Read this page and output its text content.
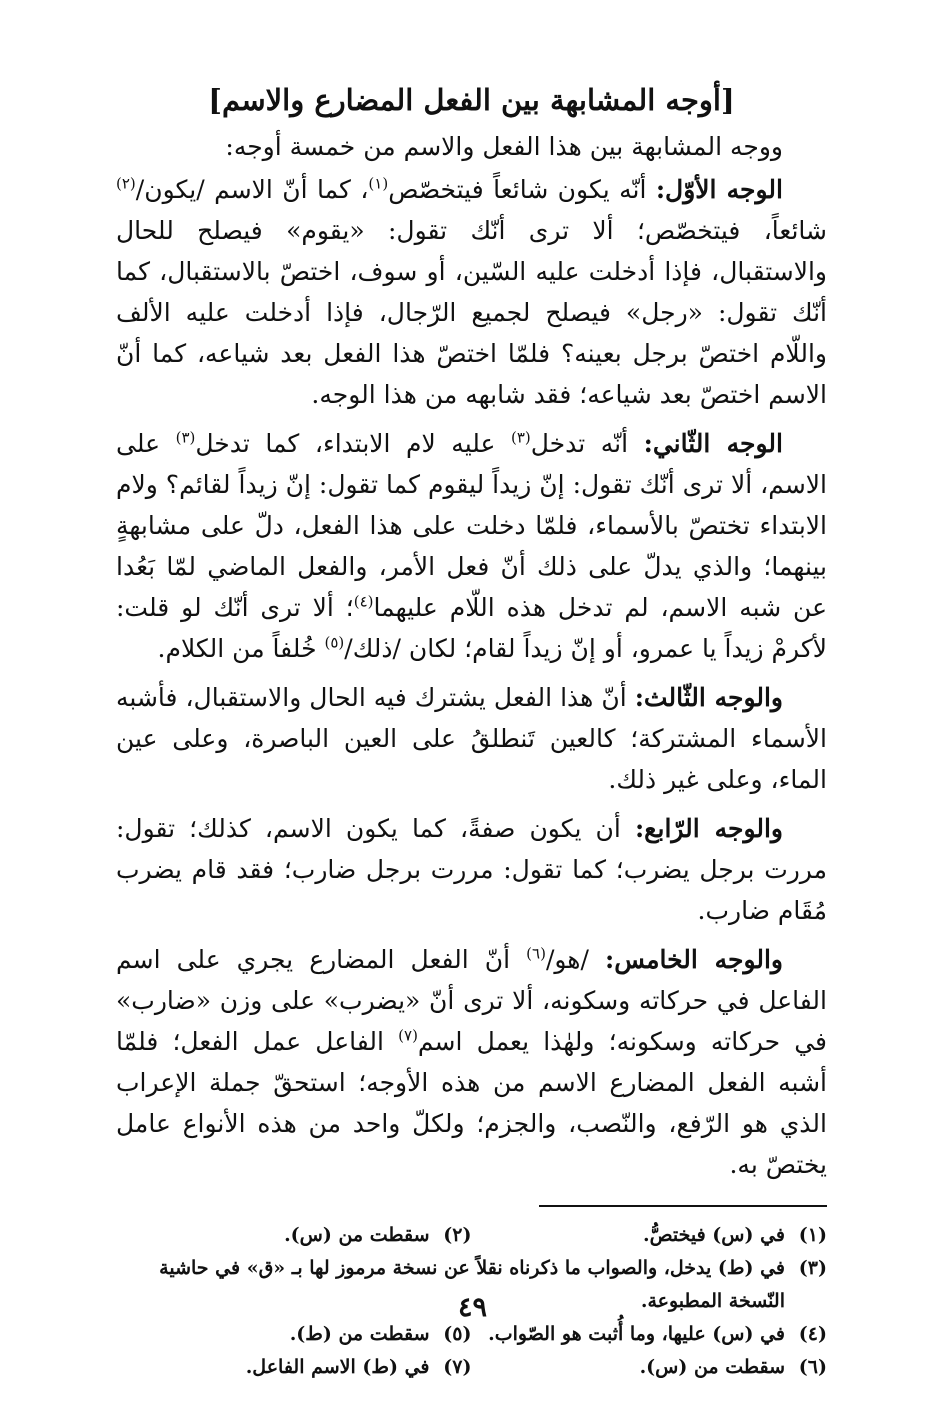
[أوجه المشابهة بين الفعل المضارع والاسم]

ووجه المشابهة بين هذا الفعل والاسم من خمسة أوجه:

الوجه الأوّل: أنّه يكون شائعاً فيتخصّص$^{(١)}$، كما أنّ الاسم /يكون/$^{(٢)}$ شائعاً، فيتخصّص؛ ألا ترى أنّك تقول: «يقوم» فيصلح للحال والاستقبال، فإذا أدخلت عليه السّين، أو سوف، اختصّ بالاستقبال، كما أنّك تقول: «رجل» فيصلح لجميع الرّجال، فإذا أدخلت عليه الألف واللّام اختصّ برجل بعينه؟ فلمّا اختصّ هذا الفعل بعد شياعه، كما أنّ الاسم اختصّ بعد شياعه؛ فقد شابهه من هذا الوجه.

الوجه الثّاني: أنّه تدخل$^{(٣)}$ عليه لام الابتداء، كما تدخل$^{(٣)}$ على الاسم، ألا ترى أنّك تقول: إنّ زيداً ليقوم كما تقول: إنّ زيداً لقائم؟ ولام الابتداء تختصّ بالأسماء، فلمّا دخلت على هذا الفعل، دلّ على مشابهةٍ بينهما؛ والذي يدلّ على ذلك أنّ فعل الأمر، والفعل الماضي لمّا بَعُدا عن شبه الاسم، لم تدخل هذه اللّام عليهما$^{(٤)}$؛ ألا ترى أنّك لو قلت: لأكرمْ زيداً يا عمرو، أو إنّ زيداً لقام؛ لكان /ذلك/$^{(٥)}$ خُلفاً من الكلام.

والوجه الثّالث: أنّ هذا الفعل يشترك فيه الحال والاستقبال، فأشبه الأسماء المشتركة؛ كالعين تَنطلقُ على العين الباصرة، وعلى عين الماء، وعلى غير ذلك.

والوجه الرّابع: أن يكون صفةً، كما يكون الاسم، كذلك؛ تقول: مررت برجل يضرب؛ كما تقول: مررت برجل ضارب؛ فقد قام يضرب مُقَام ضارب.

والوجه الخامس: /هو/$^{(٦)}$ أنّ الفعل المضارع يجري على اسم الفاعل في حركاته وسكونه، ألا ترى أنّ «يضرب» على وزن «ضارب» في حركاته وسكونه؛ ولهٰذا يعمل اسم$^{(٧)}$ الفاعل عمل الفعل؛ فلمّا أشبه الفعل المضارع الاسم من هذه الأوجه؛ استحقّ جملة الإعراب الذي هو الرّفع، والنّصب، والجزم؛ ولكلّ واحد من هذه الأنواع عامل يختصّ به.

(١)
في (س) فيختصُّ.
(٢)
سقطت من (س).
(٣)
في (ط) يدخل، والصواب ما ذكرناه نقلاً عن نسخة مرموز لها بـ «ق» في حاشية النّسخة المطبوعة.
(٤)
في (س) عليها، وما أُثبت هو الصّواب.
(٥)
سقطت من (ط).
(٦)
سقطت من (س).
(٧)
في (ط) الاسم الفاعل.
٤٩
